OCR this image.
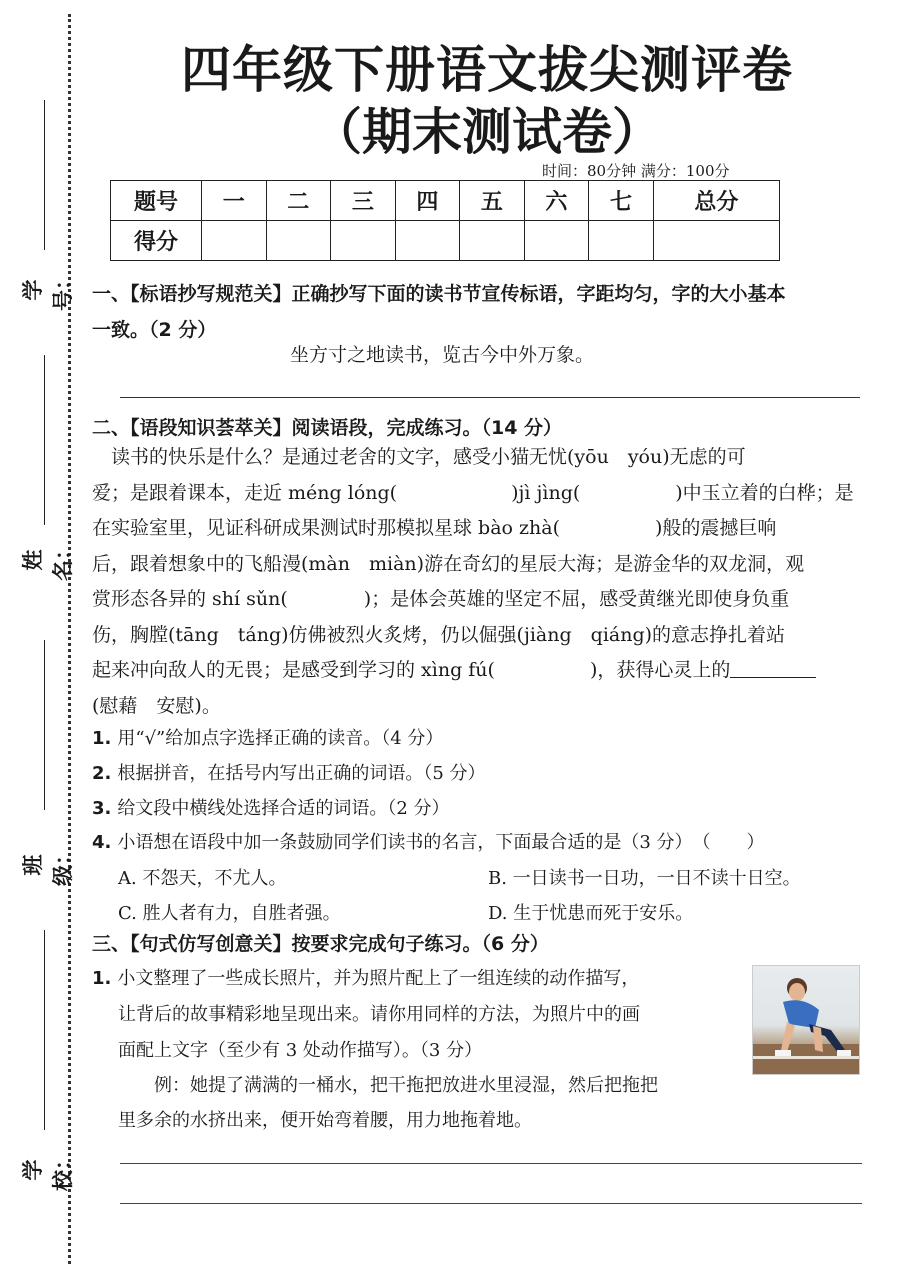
学号：
姓名：
班级：
学校：
四年级下册语文拔尖测评卷
（期末测试卷）
时间：80分钟 满分：100分
题号	一	二	三	四	五	六	七	总分
得分								
一、【标语抄写规范关】正确抄写下面的读书节宣传标语，字距均匀，字的大小基本
一致。（2 分）
坐方寸之地读书，览古今中外万象。
二、【语段知识荟萃关】阅读语段，完成练习。（14 分）

　读书的快乐是什么？是通过老舍的文字，感受小猫无忧(yōu　yóu)无虑的可

爱；是跟着课本，走近 méng lóng(　　　　　　)jì jìng(　　　　　)中玉立着的白桦；是

在实验室里，见证科研成果测试时那模拟星球 bào zhà(　　　　　)般的震撼巨响

后，跟着想象中的飞船漫(màn　miàn)游在奇幻的星辰大海；是游金华的双龙洞，观

赏形态各异的 shí sǔn(　　　　)；是体会英雄的坚定不屈，感受黄继光即使身负重

伤，胸膛(tāng　táng)仿佛被烈火炙烤，仍以倔强(jiàng　qiáng)的意志挣扎着站

起来冲向敌人的无畏；是感受到学习的 xìng fú(　　　　　)，获得心灵上的

(慰藉　安慰)。

1. 用“√”给加点字选择正确的读音。（4 分）
2. 根据拼音，在括号内写出正确的词语。（5 分）
3. 给文段中横线处选择合适的词语。（2 分）
4. 小语想在语段中加一条鼓励同学们读书的名言，下面最合适的是（3 分）　（　　）
A. 不怨天，不尤人。	B. 一日读书一日功，一日不读十日空。
C. 胜人者有力，自胜者强。	D. 生于忧患而死于安乐。
三、【句式仿写创意关】按要求完成句子练习。（6 分）
1. 小文整理了一些成长照片，并为照片配上了一组连续的动作描写，
让背后的故事精彩地呈现出来。请你用同样的方法，为照片中的画
面配上文字（至少有 3 处动作描写）。（3 分）
　　例：她提了满满的一桶水，把干拖把放进水里浸湿，然后把拖把
里多余的水挤出来，便开始弯着腰，用力地拖着地。
